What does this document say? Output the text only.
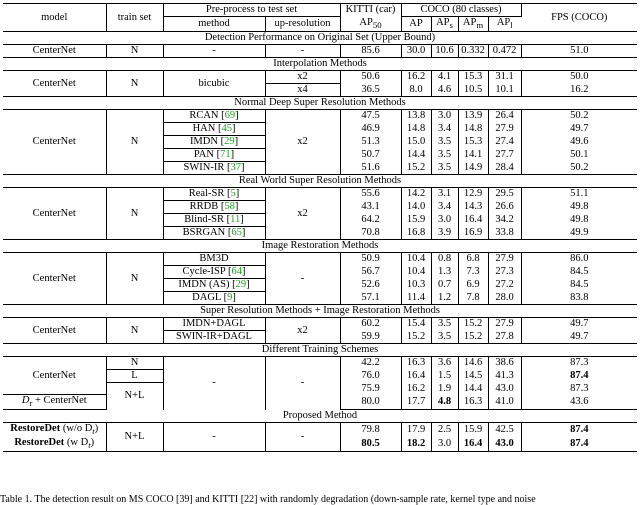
model	train set	Pre-process to test set		KITTI (car)	COCO (80 classes)				FPS (COCO)
		method	up-resolution	$AP_{50}$	AP	$AP_s$	$AP_m$	$AP_l$
Detection Performance on Original Set (Upper Bound)									
CenterNet	N	-	-	85.6	30.0	10.6	0.332	0.472	51.0
Interpolation Methods									
CenterNet	N	bicubic	x2	50.6	16.2	4.1	15.3	31.1	50.0
			x4	36.5	8.0	4.6	10.5	10.1	16.2
Normal Deep Super Resolution Methods									
CenterNet	N	RCAN [69]	x2	47.5	13.8	3.0	13.9	26.4	50.2
		HAN [45]		46.9	14.8	3.4	14.8	27.9	49.7
		IMDN [29]		51.3	15.0	3.5	15.3	27.4	49.6
		PAN [71]		50.7	14.4	3.5	14.1	27.7	50.1
		SWIN-IR [37]		51.6	15.2	3.5	14.9	28.4	50.2
Real World Super Resolution Methods									
CenterNet	N	Real-SR [5]	x2	55.6	14.2	3.1	12.9	29.5	51.1
		RRDB [58]		43.1	14.0	3.4	14.3	26.6	49.8
		Blind-SR [11]		64.2	15.9	3.0	16.4	34.2	49.8
		BSRGAN [65]		70.8	16.8	3.9	16.9	33.8	49.9
Image Restoration Methods									
CenterNet	N	BM3D	-	50.9	10.4	0.8	6.8	27.9	86.0
		Cycle-ISP [64]		56.7	10.4	1.3	7.3	27.3	84.5
		IMDN (AS) [29]		52.6	10.3	0.7	6.9	27.2	84.5
		DAGL [9]		57.1	11.4	1.2	7.8	28.0	83.8
Super Resolution Methods + Image Restoration Methods									
CenterNet	N	IMDN+DAGL	x2	60.2	15.4	3.5	15.2	27.9	49.7
		SWIN-IR+DAGL		59.9	15.2	3.5	15.2	27.8	49.7
Different Training Schemes									
CenterNet	N	-	-	42.2	16.3	3.6	14.6	38.6	87.3
	L			76.0	16.4	1.5	14.5	41.3	87.4
	N+L			75.9	16.2	1.9	14.4	43.0	87.3
$D_r$ + CenterNet				80.0	17.7	4.8	16.3	41.0	43.6
Proposed Method									
RestoreDet (w/o $D_t$)	N+L	-	-	79.8	17.9	2.5	15.9	42.5	87.4
RestoreDet (w $D_t$)				80.5	18.2	3.0	16.4	43.0	87.4
Table 1. The detection result on MS COCO [39] and KITTI [22] with randomly degradation (down-sample rate, kernel type and noise
